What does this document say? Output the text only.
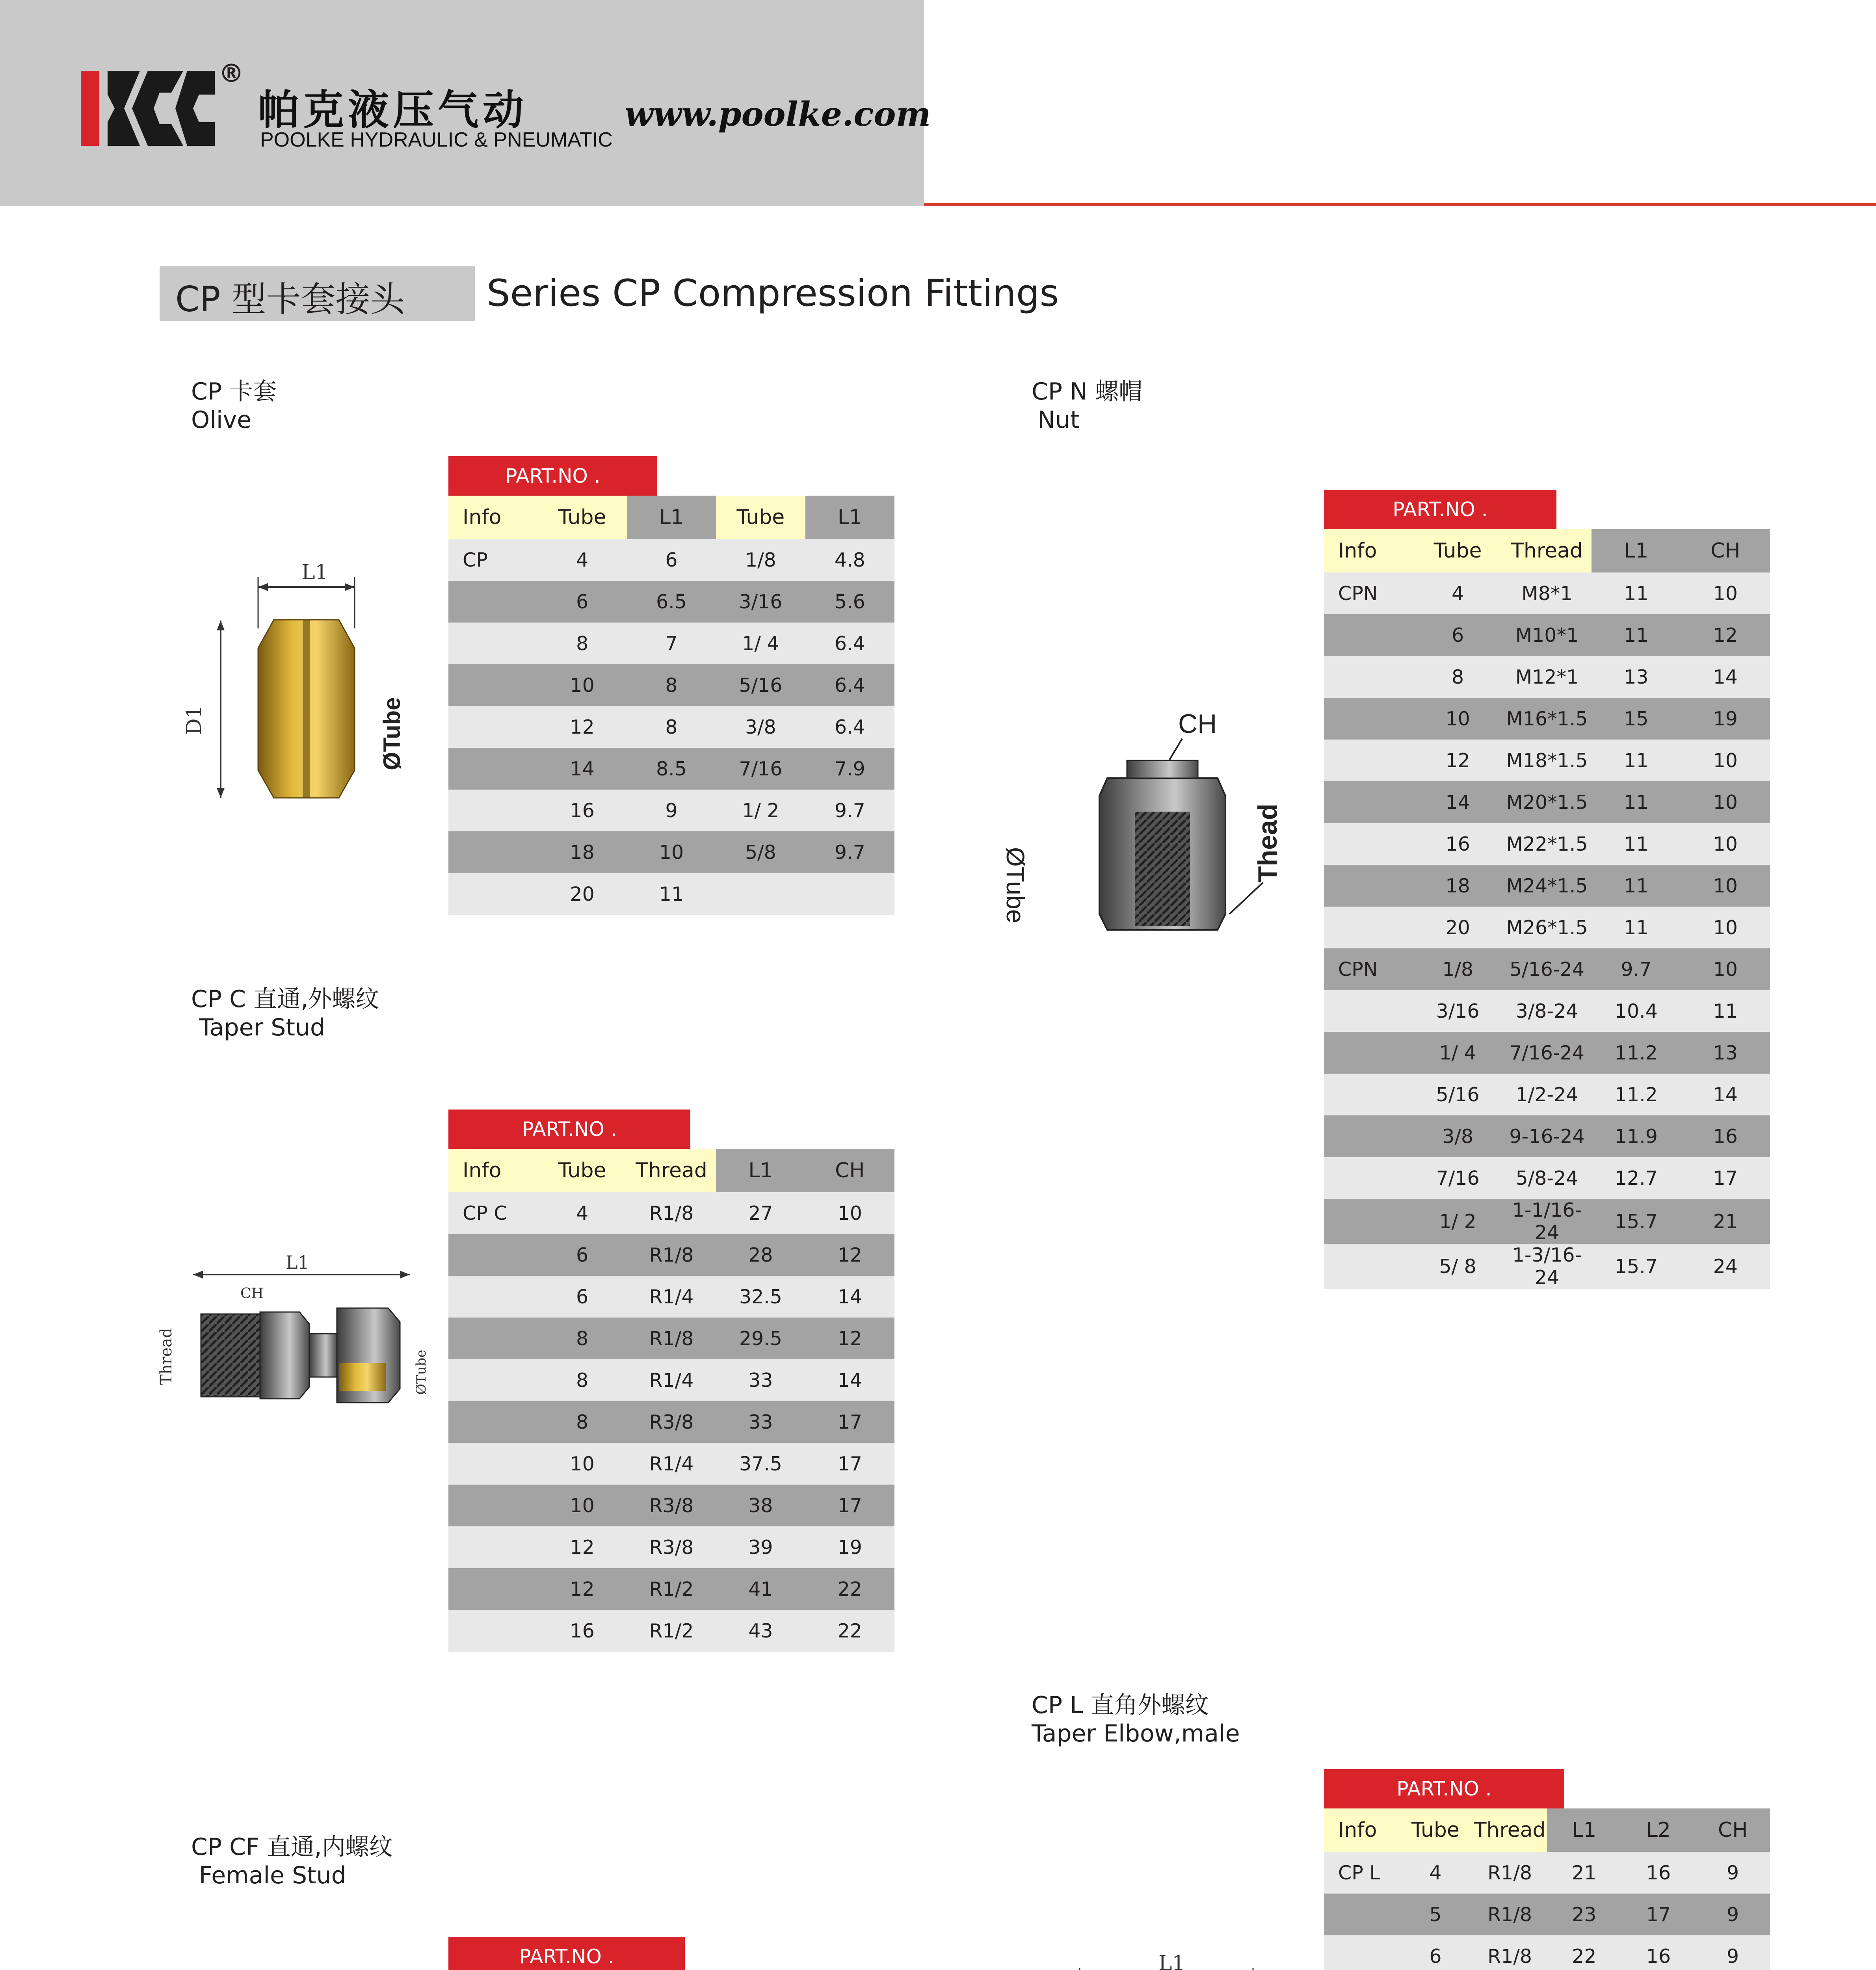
®
帕克液压气动
POOLKE HYDRAULIC & PNEUMATIC
www.poolke.com
CP 型卡套接头 Series CP Compression Fittings
CP 卡套
Olive
L1
D1	ØTube
PART.NO .
Info	Tube	L1	Tube	L1
CP	4	6	1/8	4.8
	6	6.5	3/16	5.6
	8	7	1/ 4	6.4
	10	8	5/16	6.4
	12	8	3/8	6.4
	14	8.5	7/16	7.9
	16	9	1/ 2	9.7
	18	10	5/8	9.7
	20	11		
CP N 螺帽
Nut
CH
ØTube
Thead
PART.NO .
Info	Tube	Thread	L1	CH
CPN	4	M8*1	11	10
	6	M10*1	11	12
	8	M12*1	13	14
	10	M16*1.5	15	19
	12	M18*1.5	11	10
	14	M20*1.5	11	10
	16	M22*1.5	11	10
	18	M24*1.5	11	10
	20	M26*1.5	11	10
CPN	1/8	5/16-24	9.7	10
	3/16	3/8-24	10.4	11
	1/ 4	7/16-24	11.2	13
	5/16	1/2-24	11.2	14
	3/8	9-16-24	11.9	16
	7/16	5/8-24	12.7	17
	1/ 2	1-1/16-24	15.7	21
	5/ 8	1-3/16-24	15.7	24
CP C 直通,外螺纹
Taper Stud
L1
CH
Thread	ØTube
PART.NO .
Info	Tube	Thread	L1	CH
CP C	4	R1/8	27	10
	6	R1/8	28	12
	6	R1/4	32.5	14
	8	R1/8	29.5	12
	8	R1/4	33	14
	8	R3/8	33	17
	10	R1/4	37.5	17
	10	R3/8	38	17
	12	R3/8	39	19
	12	R1/2	41	22
	16	R1/2	43	22
CP L 直角外螺纹
Taper Elbow,male
L1
PART.NO .
Info	Tube	Thread	L1	L2	CH
CP L	4	R1/8	21	16	9
	5	R1/8	23	17	9
	6	R1/8	22	16	9

CP CF 直通,内螺纹
Female Stud
PART.NO .
